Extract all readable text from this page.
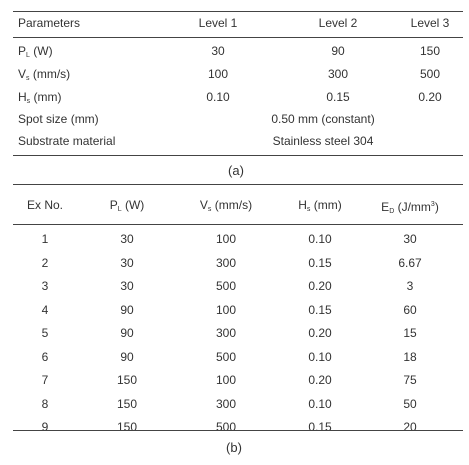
Parameters	Level 1	Level 2	Level 3
$P_L$ (W)	30	90	150
$V_s$ (mm/s)	100	300	500
$H_s$ (mm)	0.10	0.15	0.20
Spot size (mm)	0.50 mm (constant)
Substrate material	Stainless steel 304
(a)
Ex No.	$P_L$ (W)	$V_s$ (mm/s)	$H_s$ (mm)	$E_D$ $(J/mm^3)$
1	30	100	0.10	30
2	30	300	0.15	6.67
3	30	500	0.20	3
4	90	100	0.15	60
5	90	300	0.20	15
6	90	500	0.10	18
7	150	100	0.20	75
8	150	300	0.10	50
9	150	500	0.15	20
(b)
